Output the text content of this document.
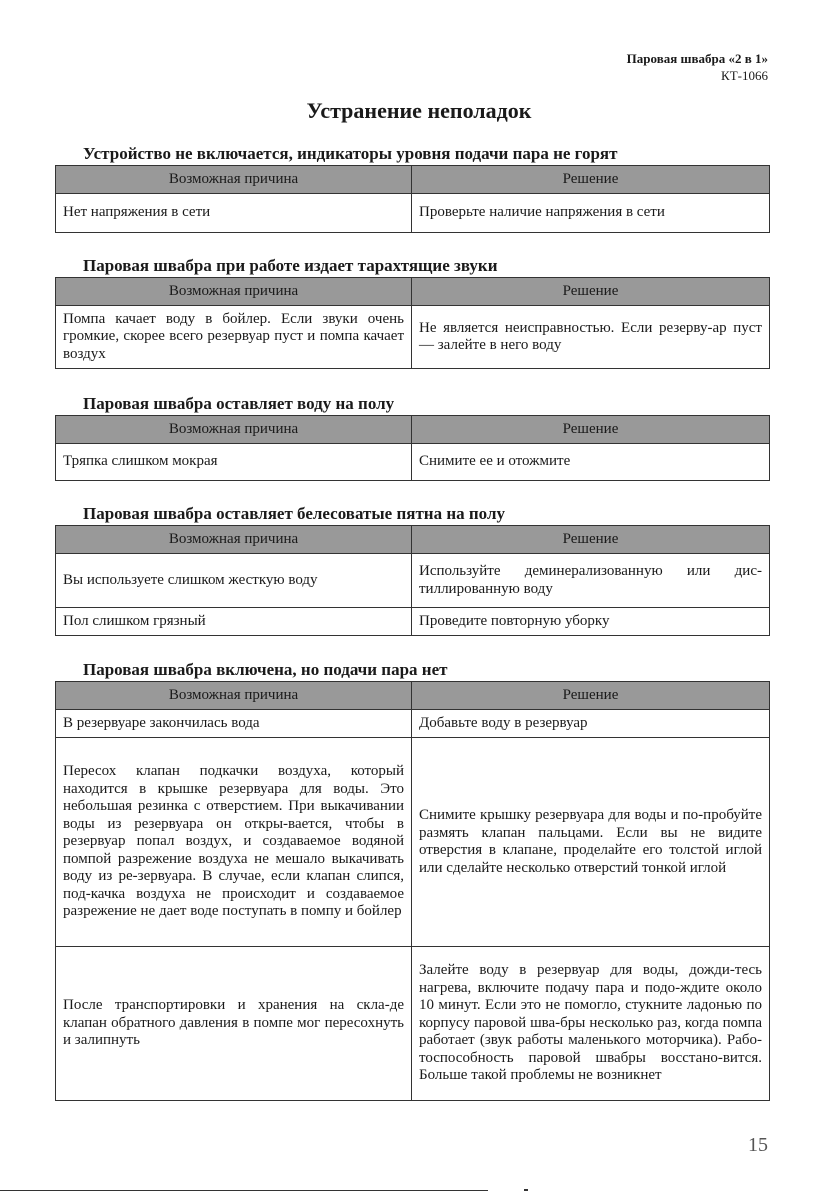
Паровая швабра «2 в 1»
КТ-1066
Устранение неполадок
Устройство не включается, индикаторы уровня подачи пара не горят
Возможная причина	Решение
Нет напряжения в сети	Проверьте наличие напряжения в сети
Паровая швабра при работе издает тарахтящие звуки
Возможная причина	Решение
Помпа качает воду в бойлер. Если звуки очень громкие, скорее всего резервуар пуст и помпа качает воздух	Не является неисправностью. Если резерву-ар пуст — залейте в него воду
Паровая швабра оставляет воду на полу
Возможная причина	Решение
Тряпка слишком мокрая	Снимите ее и отожмите
Паровая швабра оставляет белесоватые пятна на полу
Возможная причина	Решение
Вы используете слишком жесткую воду	Используйте деминерализованную или дис-тиллированную воду
Пол слишком грязный	Проведите повторную уборку
Паровая швабра включена, но подачи пара нет
Возможная причина	Решение
В резервуаре закончилась вода	Добавьте воду в резервуар
Пересох клапан подкачки воздуха, который находится в крышке резервуара для воды. Это небольшая резинка с отверстием. При выкачивании воды из резервуара он откры-вается, чтобы в резервуар попал воздух, и создаваемое водяной помпой разрежение воздуха не мешало выкачивать воду из ре-зервуара. В случае, если клапан слипся, под-качка воздуха не происходит и создаваемое разрежение не дает воде поступать в помпу и бойлер	Снимите крышку резервуара для воды и по-пробуйте размять клапан пальцами. Если вы не видите отверстия в клапане, проделайте его толстой иглой или сделайте несколько отверстий тонкой иглой
После транспортировки и хранения на скла-де клапан обратного давления в помпе мог пересохнуть и залипнуть	Залейте воду в резервуар для воды, дожди-тесь нагрева, включите подачу пара и подо-ждите около 10 минут. Если это не помогло, стукните ладонью по корпусу паровой шва-бры несколько раз, когда помпа работает (звук работы маленького моторчика). Рабо-тоспособность паровой швабры восстано-вится. Больше такой проблемы не возникнет
15
